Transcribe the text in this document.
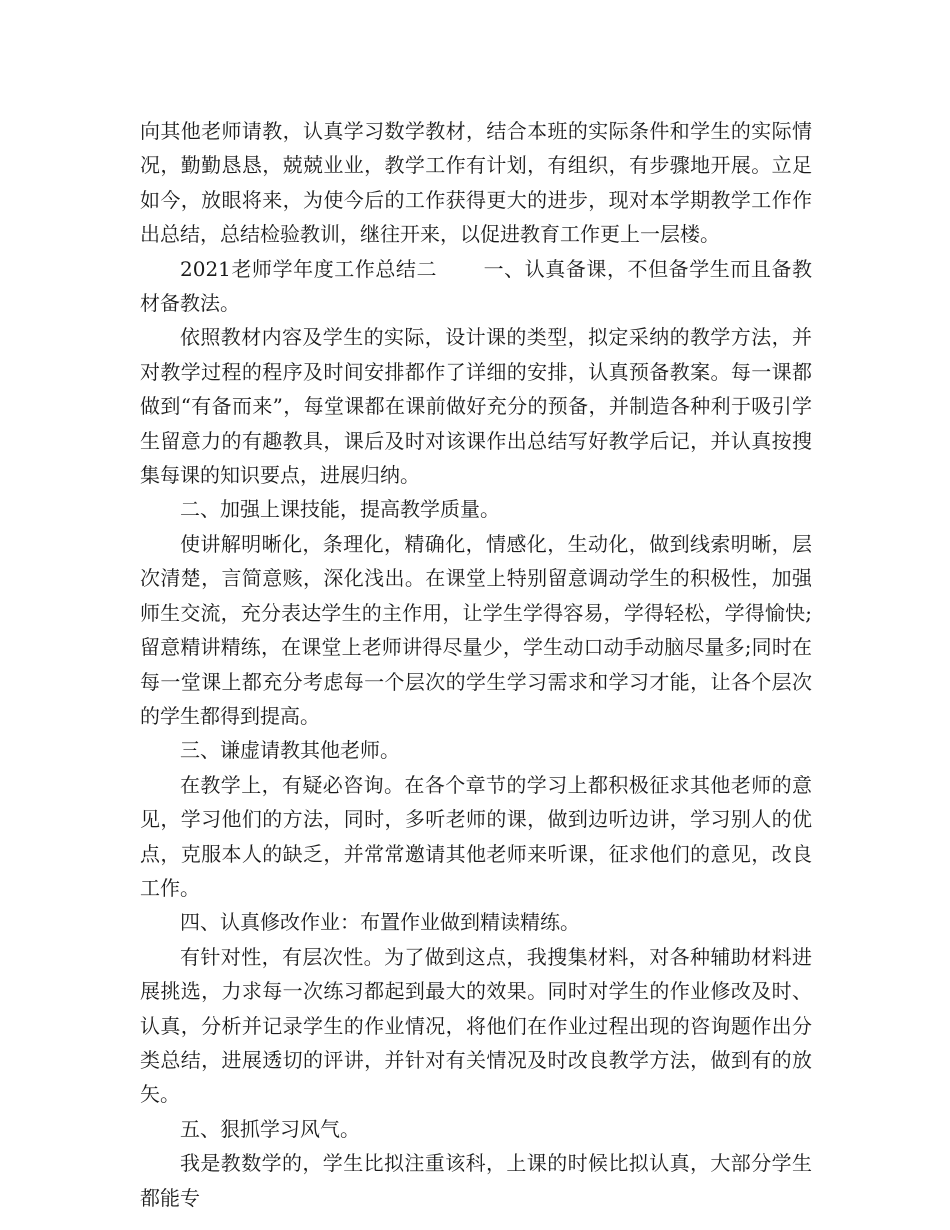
向其他老师请教，认真学习数学教材，结合本班的实际条件和学生的实际情况，勤勤恳恳，兢兢业业，教学工作有计划，有组织，有步骤地开展。立足如今，放眼将来，为使今后的工作获得更大的进步，现对本学期教学工作作出总结，总结检验教训，继往开来，以促进教育工作更上一层楼。

2021老师学年度工作总结二 一、认真备课，不但备学生而且备教材备教法。

依照教材内容及学生的实际，设计课的类型，拟定采纳的教学方法，并对教学过程的程序及时间安排都作了详细的安排，认真预备教案。每一课都做到“有备而来”，每堂课都在课前做好充分的预备，并制造各种利于吸引学生留意力的有趣教具，课后及时对该课作出总结写好教学后记，并认真按搜集每课的知识要点，进展归纳。

二、加强上课技能，提高教学质量。

使讲解明晰化，条理化，精确化，情感化，生动化，做到线索明晰，层次清楚，言简意赅，深化浅出。在课堂上特别留意调动学生的积极性，加强师生交流，充分表达学生的主作用，让学生学得容易，学得轻松，学得愉快;留意精讲精练，在课堂上老师讲得尽量少，学生动口动手动脑尽量多;同时在每一堂课上都充分考虑每一个层次的学生学习需求和学习才能，让各个层次的学生都得到提高。

三、谦虚请教其他老师。

在教学上，有疑必咨询。在各个章节的学习上都积极征求其他老师的意见，学习他们的方法，同时，多听老师的课，做到边听边讲，学习别人的优点，克服本人的缺乏，并常常邀请其他老师来听课，征求他们的意见，改良工作。

四、认真修改作业：布置作业做到精读精练。

有针对性，有层次性。为了做到这点，我搜集材料，对各种辅助材料进展挑选，力求每一次练习都起到最大的效果。同时对学生的作业修改及时、认真，分析并记录学生的作业情况，将他们在作业过程出现的咨询题作出分类总结，进展透切的评讲，并针对有关情况及时改良教学方法，做到有的放矢。

五、狠抓学习风气。

我是教数学的，学生比拟注重该科，上课的时候比拟认真，大部分学生都能专
